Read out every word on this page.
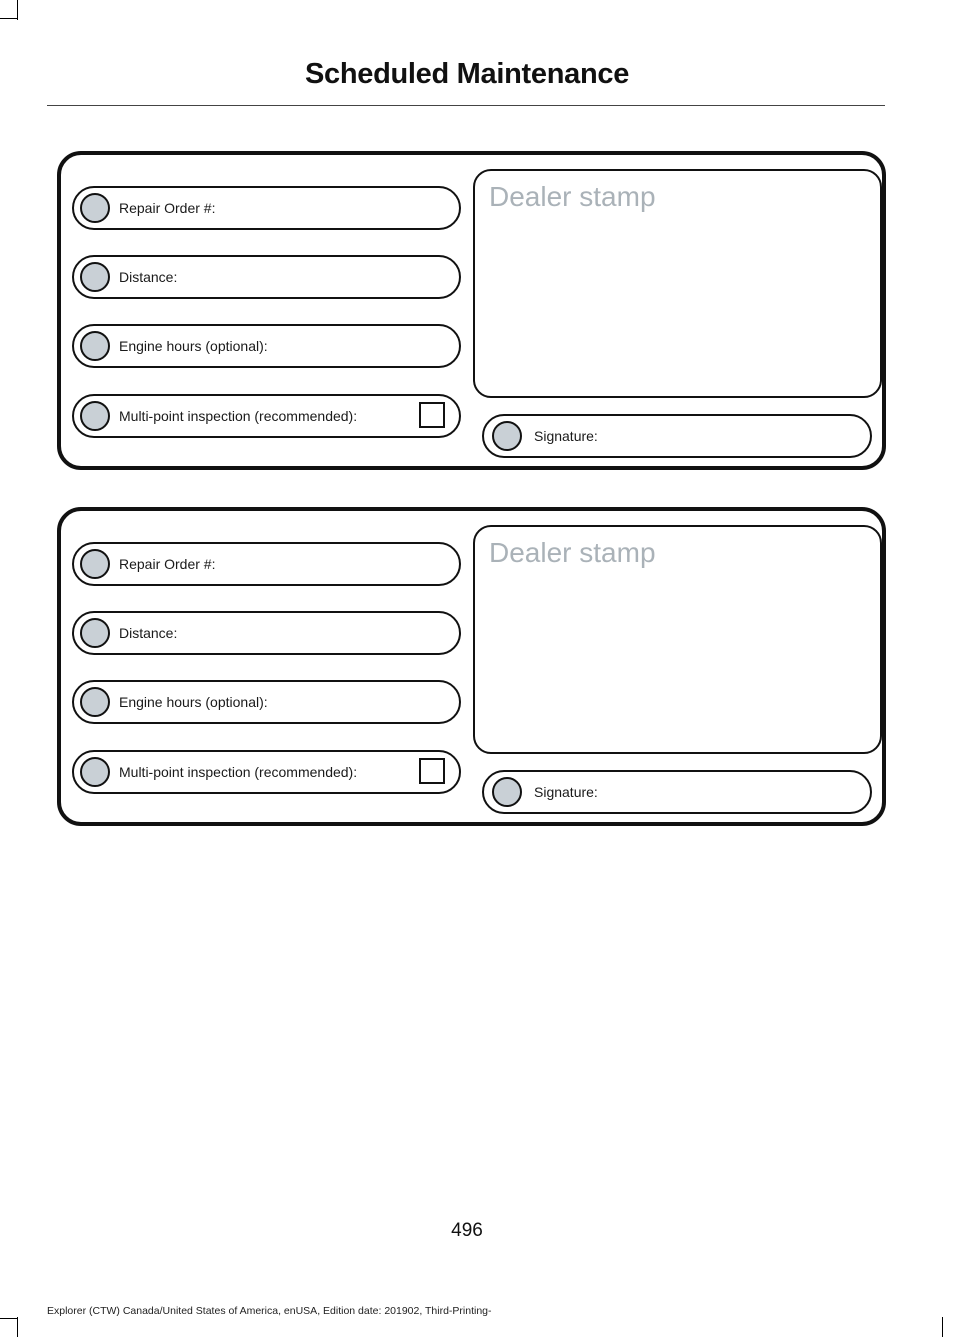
Scheduled Maintenance
Repair Order #:
Distance:
Engine hours (optional):
Multi-point inspection (recommended):
Dealer stamp
Signature:
Repair Order #:
Distance:
Engine hours (optional):
Multi-point inspection (recommended):
Dealer stamp
Signature:
496
Explorer (CTW) Canada/United States of America, enUSA, Edition date: 201902, Third-Printing-
